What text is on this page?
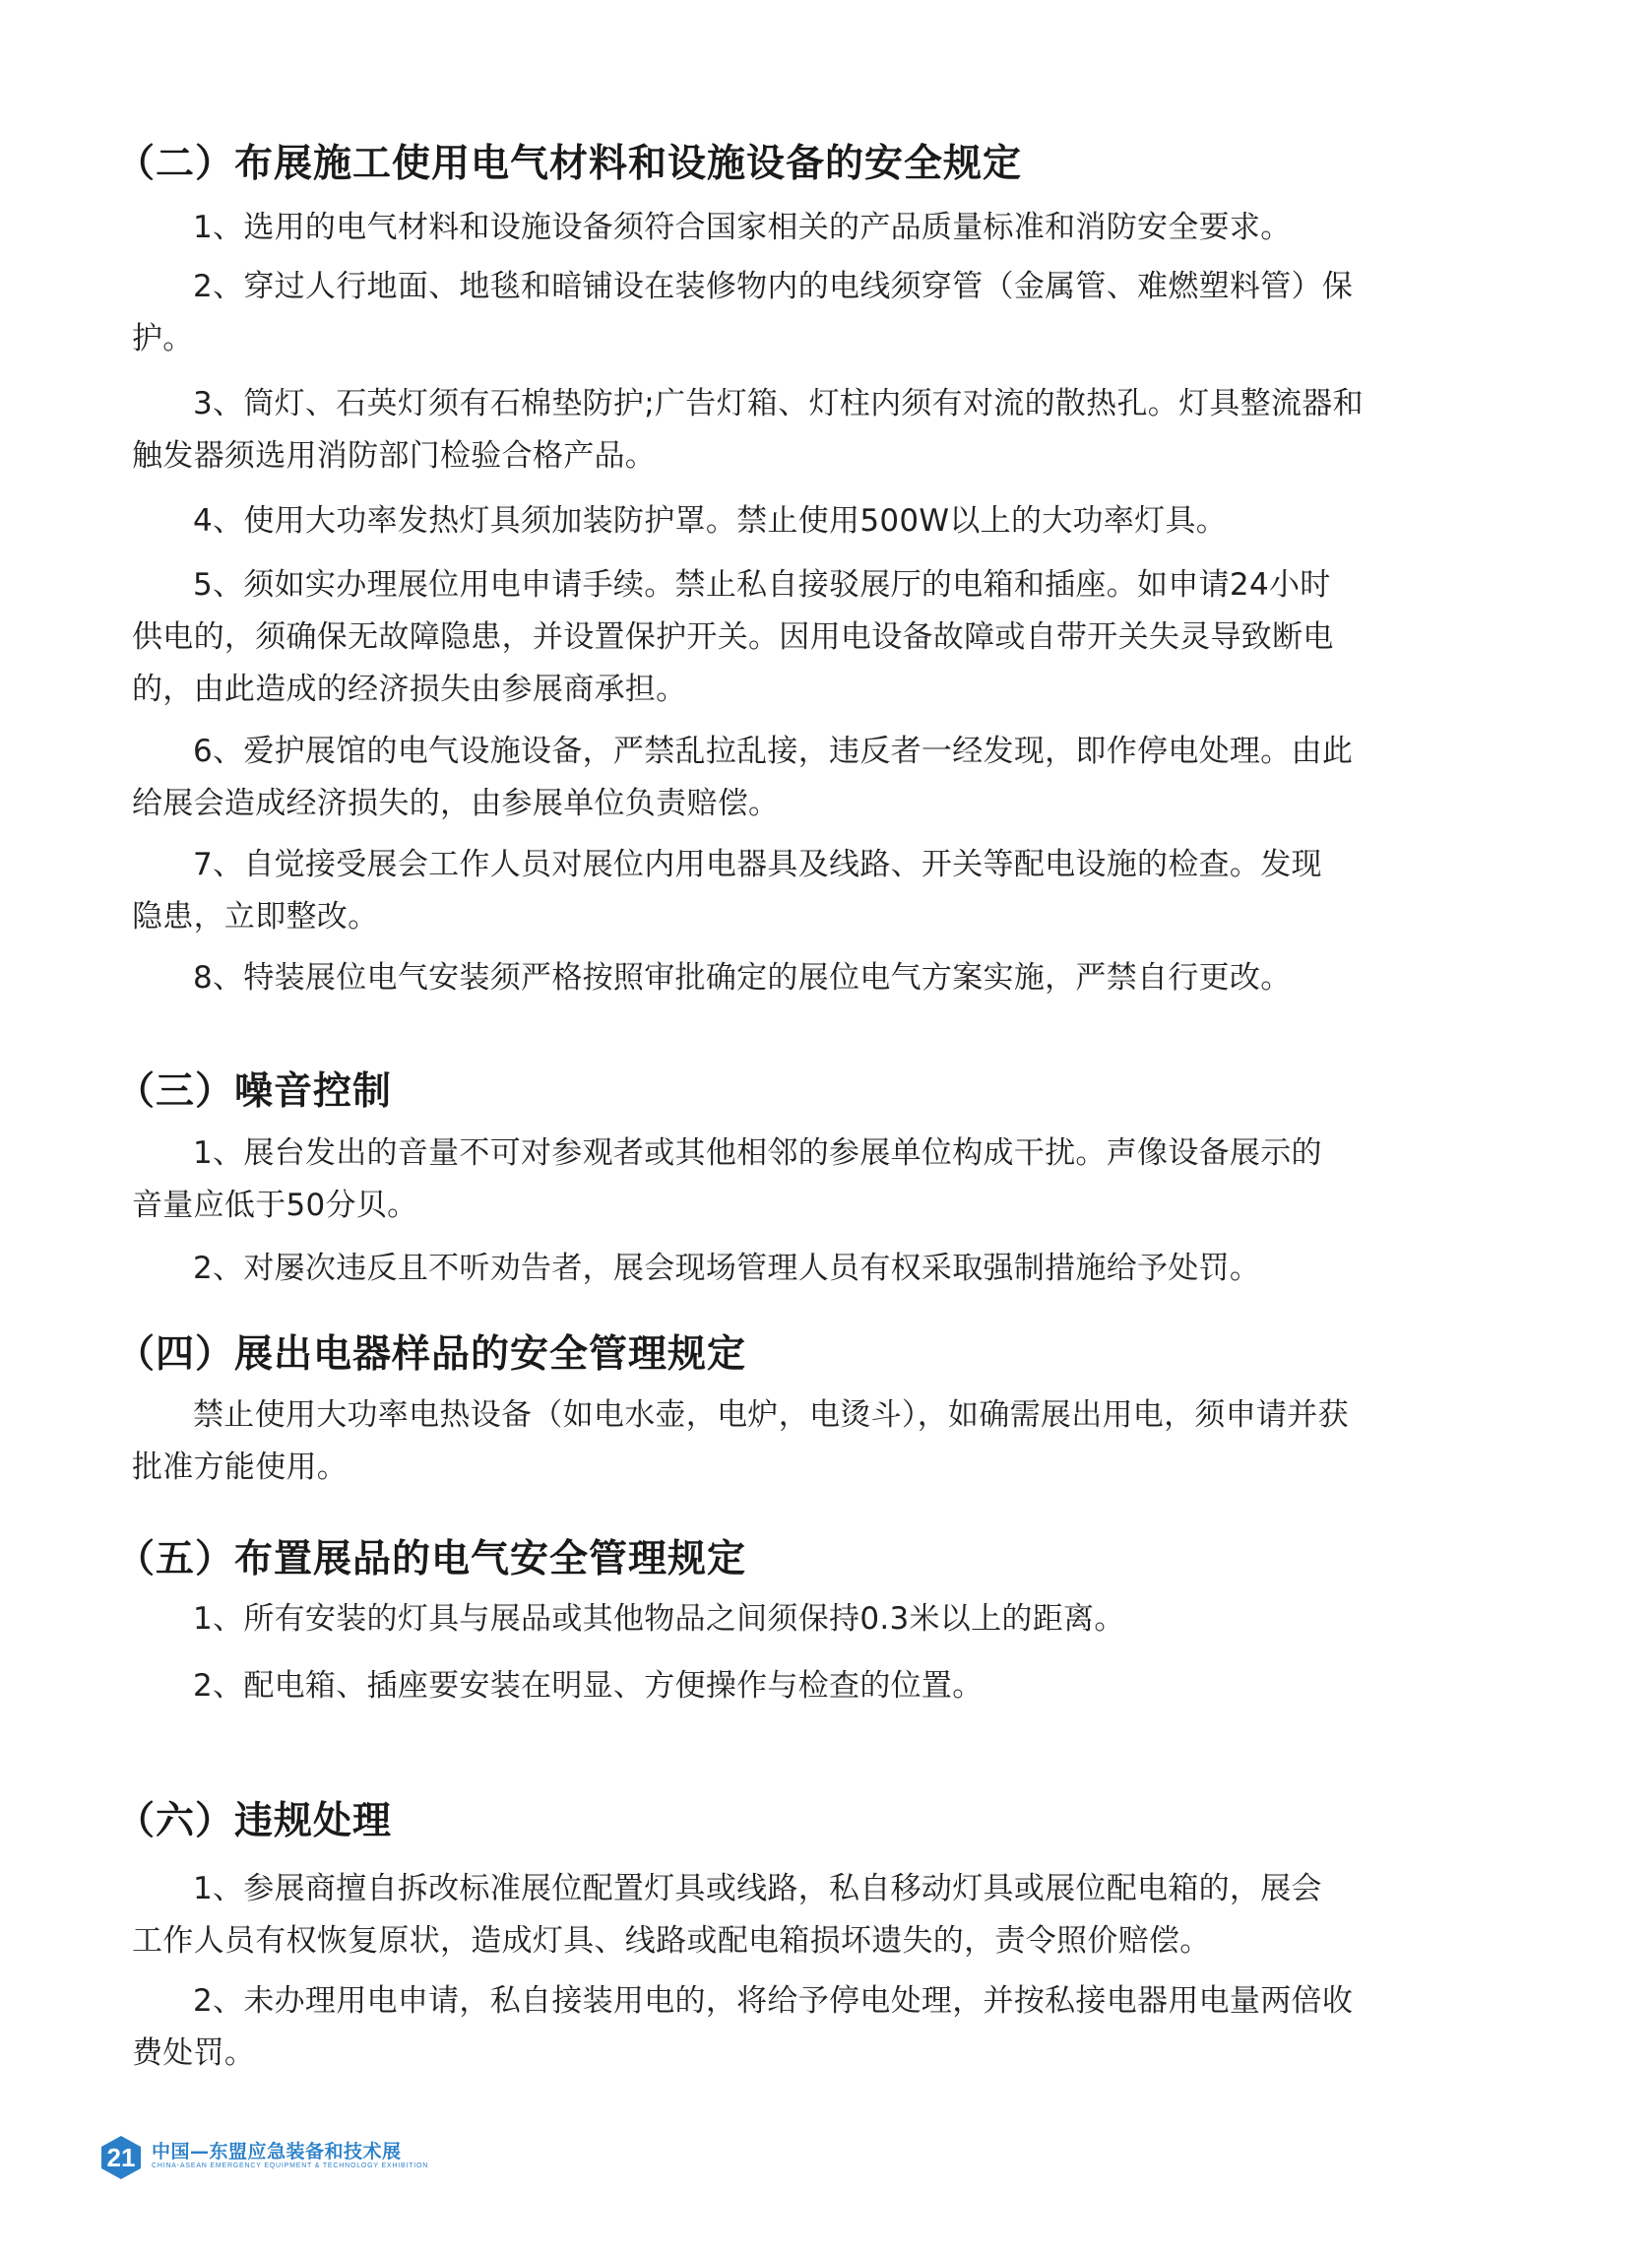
（二）布展施工使用电气材料和设施设备的安全规定
1、选用的电气材料和设施设备须符合国家相关的产品质量标准和消防安全要求。
2、穿过人行地面、地毯和暗铺设在装修物内的电线须穿管（金属管、难燃塑料管）保
护。
3、筒灯、石英灯须有石棉垫防护;广告灯箱、灯柱内须有对流的散热孔。灯具整流器和
触发器须选用消防部门检验合格产品。
4、使用大功率发热灯具须加装防护罩。禁止使用500W以上的大功率灯具。
5、须如实办理展位用电申请手续。禁止私自接驳展厅的电箱和插座。如申请24小时
供电的，须确保无故障隐患，并设置保护开关。因用电设备故障或自带开关失灵导致断电
的，由此造成的经济损失由参展商承担。
6、爱护展馆的电气设施设备，严禁乱拉乱接，违反者一经发现，即作停电处理。由此
给展会造成经济损失的，由参展单位负责赔偿。
7、自觉接受展会工作人员对展位内用电器具及线路、开关等配电设施的检查。发现
隐患，立即整改。
8、特装展位电气安装须严格按照审批确定的展位电气方案实施，严禁自行更改。
（三）噪音控制
1、展台发出的音量不可对参观者或其他相邻的参展单位构成干扰。声像设备展示的
音量应低于50分贝。
2、对屡次违反且不听劝告者，展会现场管理人员有权采取强制措施给予处罚。
（四）展出电器样品的安全管理规定
禁止使用大功率电热设备（如电水壶，电炉，电烫斗），如确需展出用电，须申请并获
批准方能使用。
（五）布置展品的电气安全管理规定
1、所有安装的灯具与展品或其他物品之间须保持0.3米以上的距离。
2、配电箱、插座要安装在明显、方便操作与检查的位置。
（六）违规处理
1、参展商擅自拆改标准展位配置灯具或线路，私自移动灯具或展位配电箱的，展会
工作人员有权恢复原状，造成灯具、线路或配电箱损坏遗失的，责令照价赔偿。
2、未办理用电申请，私自接装用电的，将给予停电处理，并按私接电器用电量两倍收
费处罚。
21 中国—东盟应急装备和技术展
CHINA-ASEAN EMERGENCY EQUIPMENT & TECHNOLOGY EXHIBITION
